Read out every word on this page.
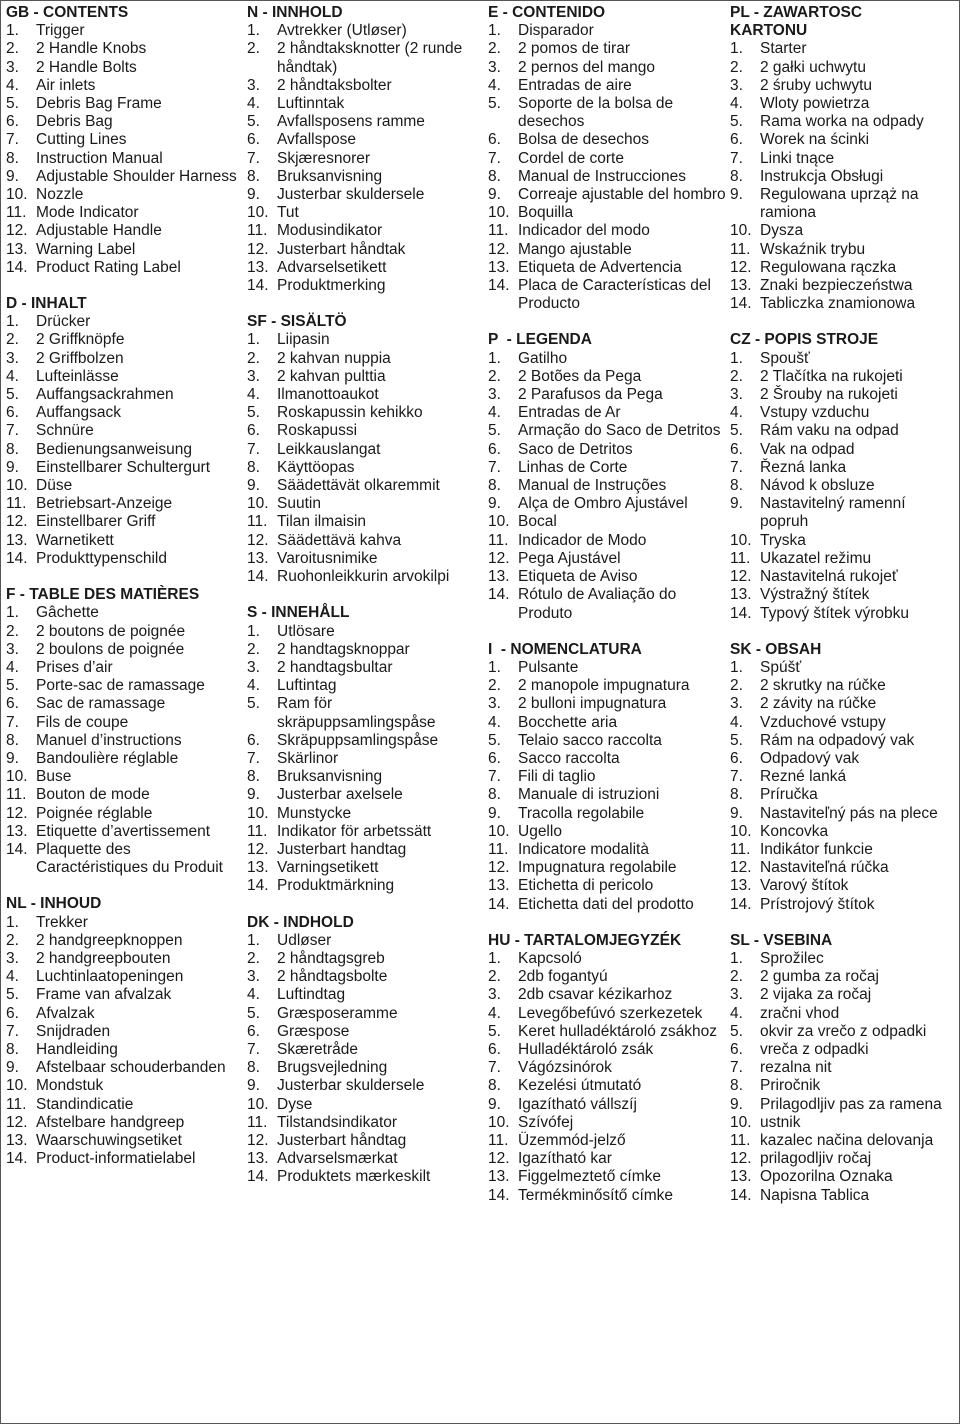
GB - CONTENTS
1. Trigger
2. 2 Handle Knobs
3. 2 Handle Bolts
4. Air inlets
5. Debris Bag Frame
6. Debris Bag
7. Cutting Lines
8. Instruction Manual
9. Adjustable Shoulder Harness
10. Nozzle
11. Mode Indicator
12. Adjustable Handle
13. Warning Label
14. Product Rating Label
D - INHALT
1. Drücker
2. 2 Griffknöpfe
3. 2 Griffbolzen
4. Lufteinlässe
5. Auffangsackrahmen
6. Auffangsack
7. Schnüre
8. Bedienungsanweisung
9. Einstellbarer Schultergurt
10. Düse
11. Betriebsart-Anzeige
12. Einstellbarer Griff
13. Warnetikett
14. Produkttypenschild
F - TABLE DES MATIÈRES
1. Gâchette
2. 2 boutons de poignée
3. 2 boulons de poignée
4. Prises d’air
5. Porte-sac de ramassage
6. Sac de ramassage
7. Fils de coupe
8. Manuel d’instructions
9. Bandoulière réglable
10. Buse
11. Bouton de mode
12. Poignée réglable
13. Etiquette d’avertissement
14. Plaquette des Caractéristiques du Produit
NL - INHOUD
1. Trekker
2. 2 handgreepknoppen
3. 2 handgreepbouten
4. Luchtinlaatopeningen
5. Frame van afvalzak
6. Afvalzak
7. Snijdraden
8. Handleiding
9. Afstelbaar schouderbanden
10. Mondstuk
11. Standindicatie
12. Afstelbare handgreep
13. Waarschuwingsetiket
14. Product-informatielabel
N - INNHOLD
1. Avtrekker (Utløser)
2. 2 håndtaksknotter (2 runde håndtak)
3. 2 håndtaksbolter
4. Luftinntak
5. Avfallsposens ramme
6. Avfallspose
7. Skjæresnorer
8. Bruksanvisning
9. Justerbar skuldersele
10. Tut
11. Modusindikator
12. Justerbart håndtak
13. Advarselsetikett
14. Produktmerking
SF - SISÄLTÖ
1. Liipasin
2. 2 kahvan nuppia
3. 2 kahvan pulttia
4. Ilmanottoaukot
5. Roskapussin kehikko
6. Roskapussi
7. Leikkauslangat
8. Käyttöopas
9. Säädettävät olkaremmit
10. Suutin
11. Tilan ilmaisin
12. Säädettävä kahva
13. Varoitusnimike
14. Ruohonleikkurin arvokilpi
S - INNEHÅLL
1. Utlösare
2. 2 handtagsknoppar
3. 2 handtagsbultar
4. Luftintag
5. Ram för skräpuppsamlingspåse
6. Skräpuppsamlingspåse
7. Skärlinor
8. Bruksanvisning
9. Justerbar axelsele
10. Munstycke
11. Indikator för arbetssätt
12. Justerbart handtag
13. Varningsetikett
14. Produktmärkning
DK - INDHOLD
1. Udløser
2. 2 håndtagsgreb
3. 2 håndtagsbolte
4. Luftindtag
5. Græsposeramme
6. Græspose
7. Skæretråde
8. Brugsvejledning
9. Justerbar skuldersele
10. Dyse
11. Tilstandsindikator
12. Justerbart håndtag
13. Advarselsmærkat
14. Produktets mærkeskilt
E - CONTENIDO
1. Disparador
2. 2 pomos de tirar
3. 2 pernos del mango
4. Entradas de aire
5. Soporte de la bolsa de desechos
6. Bolsa de desechos
7. Cordel de corte
8. Manual de Instrucciones
9. Correaje ajustable del hombro
10. Boquilla
11. Indicador del modo
12. Mango ajustable
13. Etiqueta de Advertencia
14. Placa de Características del Producto
P  - LEGENDA
1. Gatilho
2. 2 Botões da Pega
3. 2 Parafusos da Pega
4. Entradas de Ar
5. Armação do Saco de Detritos
6. Saco de Detritos
7. Linhas de Corte
8. Manual de Instruções
9. Alça de Ombro Ajustável
10. Bocal
11. Indicador de Modo
12. Pega Ajustável
13. Etiqueta de Aviso
14. Rótulo de Avaliação do Produto
I  - NOMENCLATURA
1. Pulsante
2. 2 manopole impugnatura
3. 2 bulloni impugnatura
4. Bocchette aria
5. Telaio sacco raccolta
6. Sacco raccolta
7. Fili di taglio
8. Manuale di istruzioni
9. Tracolla regolabile
10. Ugello
11. Indicatore modalità
12. Impugnatura regolabile
13. Etichetta di pericolo
14. Etichetta dati del prodotto
HU - TARTALOMJEGYZÉK
1. Kapcsoló
2. 2db fogantyú
3. 2db csavar kézikarhoz
4. Levegőbefúvó szerkezetek
5. Keret hulladéktároló zsákhoz
6. Hulladéktároló zsák
7. Vágózsinórok
8. Kezelési útmutató
9. Igazítható vállszíj
10. Szívófej
11. Üzemmód-jelző
12. Igazítható kar
13. Figgelmeztető címke
14. Termékminősítő címke
PL - ZAWARTOSC
KARTONU
1. Starter
2. 2 gałki uchwytu
3. 2 śruby uchwytu
4. Wloty powietrza
5. Rama worka na odpady
6. Worek na ścinki
7. Linki tnące
8. Instrukcja Obsługi
9. Regulowana uprząż na ramiona
10. Dysza
11. Wskaźnik trybu
12. Regulowana rączka
13. Znaki bezpieczeństwa
14. Tabliczka znamionowa
CZ - POPIS STROJE
1. Spoušť
2. 2 Tlačítka na rukojeti
3. 2 Šrouby na rukojeti
4. Vstupy vzduchu
5. Rám vaku na odpad
6. Vak na odpad
7. Řezná lanka
8. Návod k obsluze
9. Nastavitelný ramenní popruh
10. Tryska
11. Ukazatel režimu
12. Nastavitelná rukojeť
13. Výstražný štítek
14. Typový štítek výrobku
SK - OBSAH
1. Spúšť
2. 2 skrutky na rúčke
3. 2 závity na rúčke
4. Vzduchové vstupy
5. Rám na odpadový vak
6. Odpadový vak
7. Rezné lanká
8. Príručka
9. Nastaviteľný pás na plece
10. Koncovka
11. Indikátor funkcie
12. Nastaviteľná rúčka
13. Varový štítok
14. Prístrojový štítok
SL - VSEBINA
1. Sprožilec
2. 2 gumba za ročaj
3. 2 vijaka za ročaj
4. zračni vhod
5. okvir za vrečo z odpadki
6. vreča z odpadki
7. rezalna nit
8. Priročnik
9. Prilagodljiv pas za ramena
10. ustnik
11. kazalec načina delovanja
12. prilagodljiv ročaj
13. Opozorilna Oznaka
14. Napisna Tablica
